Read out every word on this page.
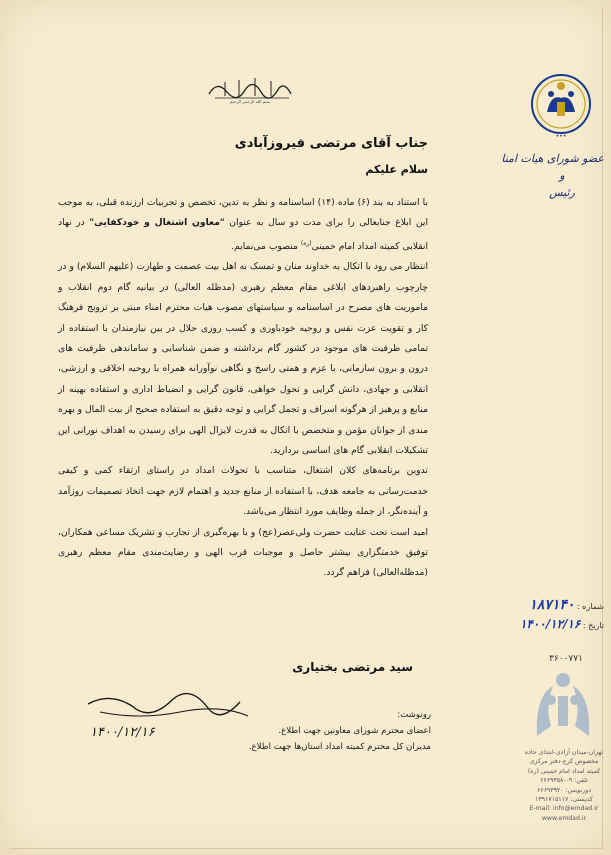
•••
عضو شورای هیات امنا
و
رئیس
بسم الله الرحمن الرحیم
جناب آقای مرتضی فیروزآبادی
سلام علیکم

با استناد به بند (۶) ماده (۱۴) اساسنامه و نظر به تدین، تخصص و تجربیات ارزنده قبلی، به موجب این ابلاغ جنابعالی را برای مدت دو سال به عنوان "معاون اشتغال و خودکفایی" در نهاد انقلابی کمیته امداد امام خمینی$^{(ره)}$ منصوب می‌نمایم.

انتظار می رود با اتکال به خداوند منان و تمسک به اهل بیت عصمت و طهارت (علیهم السلام) و در چارچوب راهبردهای ابلاغی مقام معظم رهبری (مدظله العالی) در بیانیه گام دوم انقلاب و ماموریت های مصرح در اساسنامه و سیاستهای مصوب هیات محترم امناء مبنی بر ترویج فرهنگ کار و تقویت عزت نفس و روحیه خودباوری و کسب روزی حلال در بین نیازمندان با استفاده از تمامی ظرفیت های موجود در کشور گام برداشته و ضمن شناسایی و ساماندهی ظرفیت های درون و برون سازمانی، با عزم و همتی راسخ و نگاهی نوآورانه همراه با روحیه اخلاقی و ارزشی، انقلابی و جهادی، دانش گرایی و تحول خواهی، قانون گرایی و انضباط اداری و استفاده بهینه از منابع و پرهیز از هرگونه اسراف و تجمل گرایی و توجه دقیق به استفاده صحیح از بیت المال و بهره مندی از جوانان مؤمن و متخصص با اتکال به قدرت لایزال الهی برای رسیدن به اهداف نورانی این تشکیلات انقلابی گام های اساسی بردارید.

تدوین برنامه‌های کلان اشتغال، متناسب با تحولات امداد در راستای ارتقاء کمی و کیفی خدمت‌رسانی به جامعه هدف، با استفاده از منابع جدید و اهتمام لازم جهت اتخاذ تصمیمات روزآمد و آینده‌نگر، از جمله وظایف مورد انتظار می‌باشد.

امید است تحت عنایت حضرت ولی‌عصر(عج) و با بهره‌گیری از تجارب و تشریک مساعی همکاران، توفیق خدمتگزاری بیشتر حاصل و موجبات قرب الهی و رضایت‌مندی مقام معظم رهبری (مدظله‌العالی) فراهم گردد.

سید مرتضی بختیاری
۱۴۰۰/۱۲/۱۶
رونوشت:
اعضای محترم شورای معاونین جهت اطلاع.
مدیران کل محترم کمیته امداد استان‌ها جهت اطلاع.
شماره : ۱۸۷۱۴۰
تاریخ : ۱۴۰۰/۱۲/۱۶
۳۶۰۰۷۷۱
تهران-میدان آزادی-ابتدای جاده
مخصوص کرج-دفتر مرکزی
کمیته امداد امام خمینی (ره)
تلفن: ۹-۶۶۶۹۳۵۸۰
دورنویس: ۶۶۶۹۳۹۲۰
کدپستی: ۱۳۹۱۷۱۵۱۱۷
E-mail: info@emdad.ir
www.emdad.ir
